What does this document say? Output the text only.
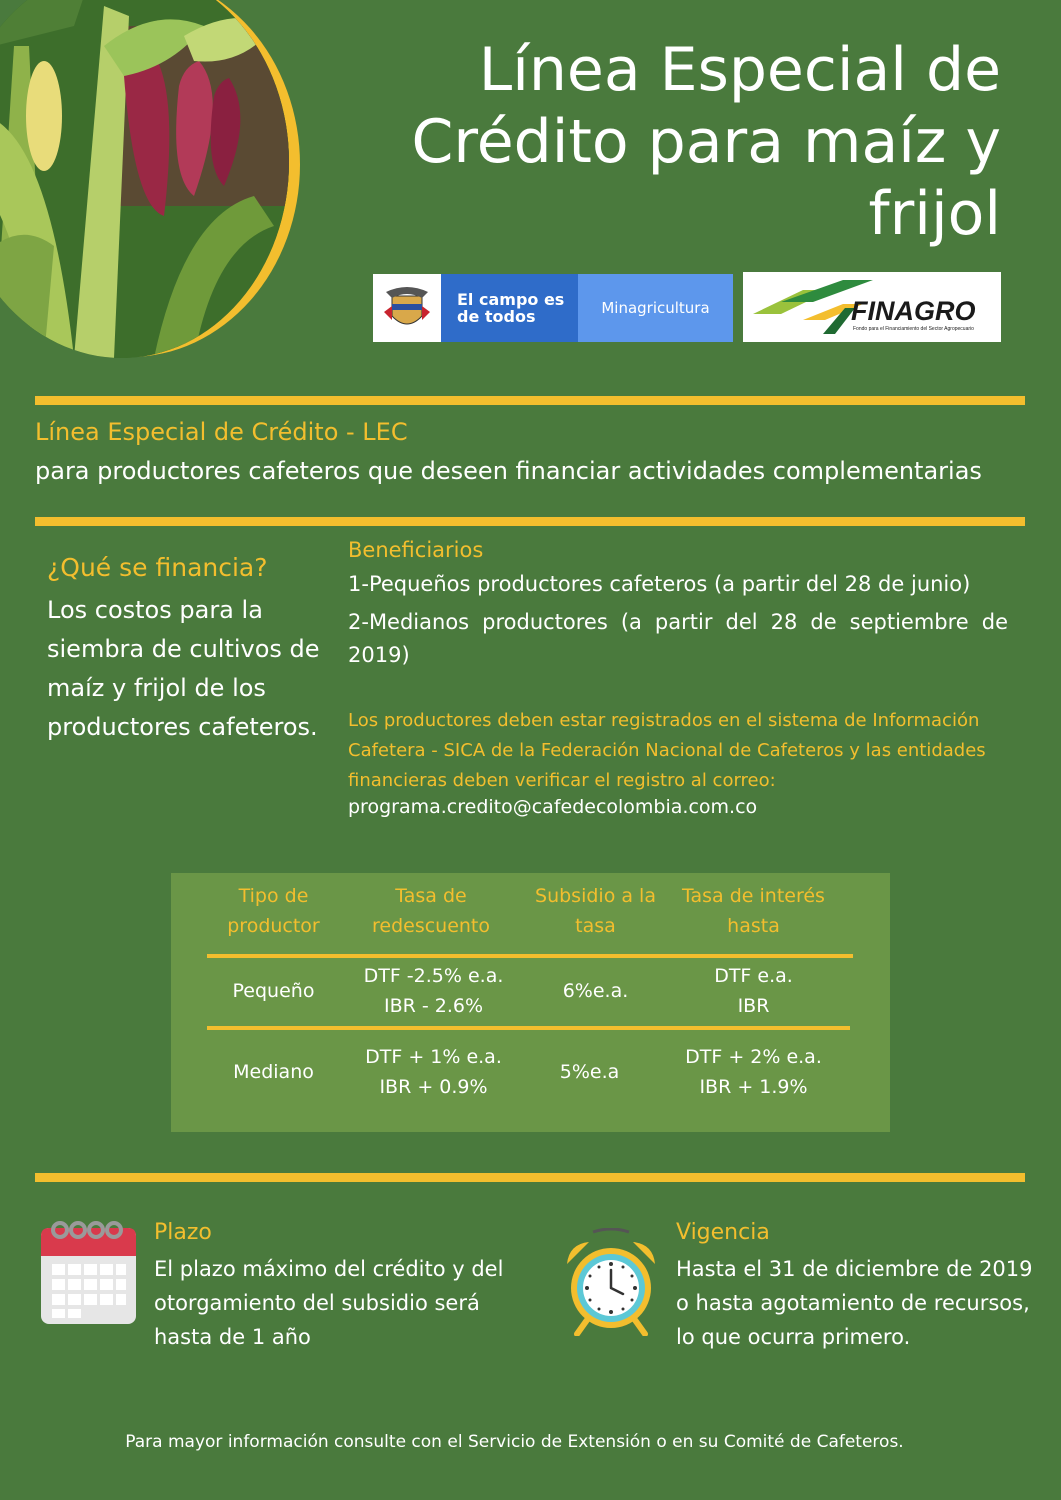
Línea Especial de Crédito para maíz y frijol
El campo es de todos	Minagricultura	FINAGRO
Fondo para el Financiamiento del Sector Agropecuario
Línea Especial de Crédito - LEC
para productores cafeteros que deseen financiar actividades complementarias
¿Qué se financia?
Los costos para la siembra de cultivos de maíz y frijol de los productores cafeteros.
Beneficiarios
1-Pequeños productores cafeteros (a partir del 28 de junio)
2-Medianos productores (a partir del 28 de septiembre de 2019)
Los productores deben estar registrados en el sistema de Información Cafetera - SICA de la Federación Nacional de Cafeteros y las entidades financieras deben verificar el registro al correo:
programa.credito@cafedecolombia.com.co
Tipo de productor
Tasa de redescuento
Subsidio a la tasa
Tasa de interés hasta
Pequeño
DTF -2.5% e.a.
IBR - 2.6%
6%e.a.
DTF e.a.
IBR
Mediano
DTF + 1% e.a.
IBR + 0.9%
5%e.a
DTF + 2% e.a.
IBR + 1.9%
Plazo
El plazo máximo del crédito y del otorgamiento del subsidio será hasta de 1 año
Vigencia
Hasta el 31 de diciembre de 2019 o hasta agotamiento de recursos, lo que ocurra primero.
Para mayor información consulte con el Servicio de Extensión o en su Comité de Cafeteros.
